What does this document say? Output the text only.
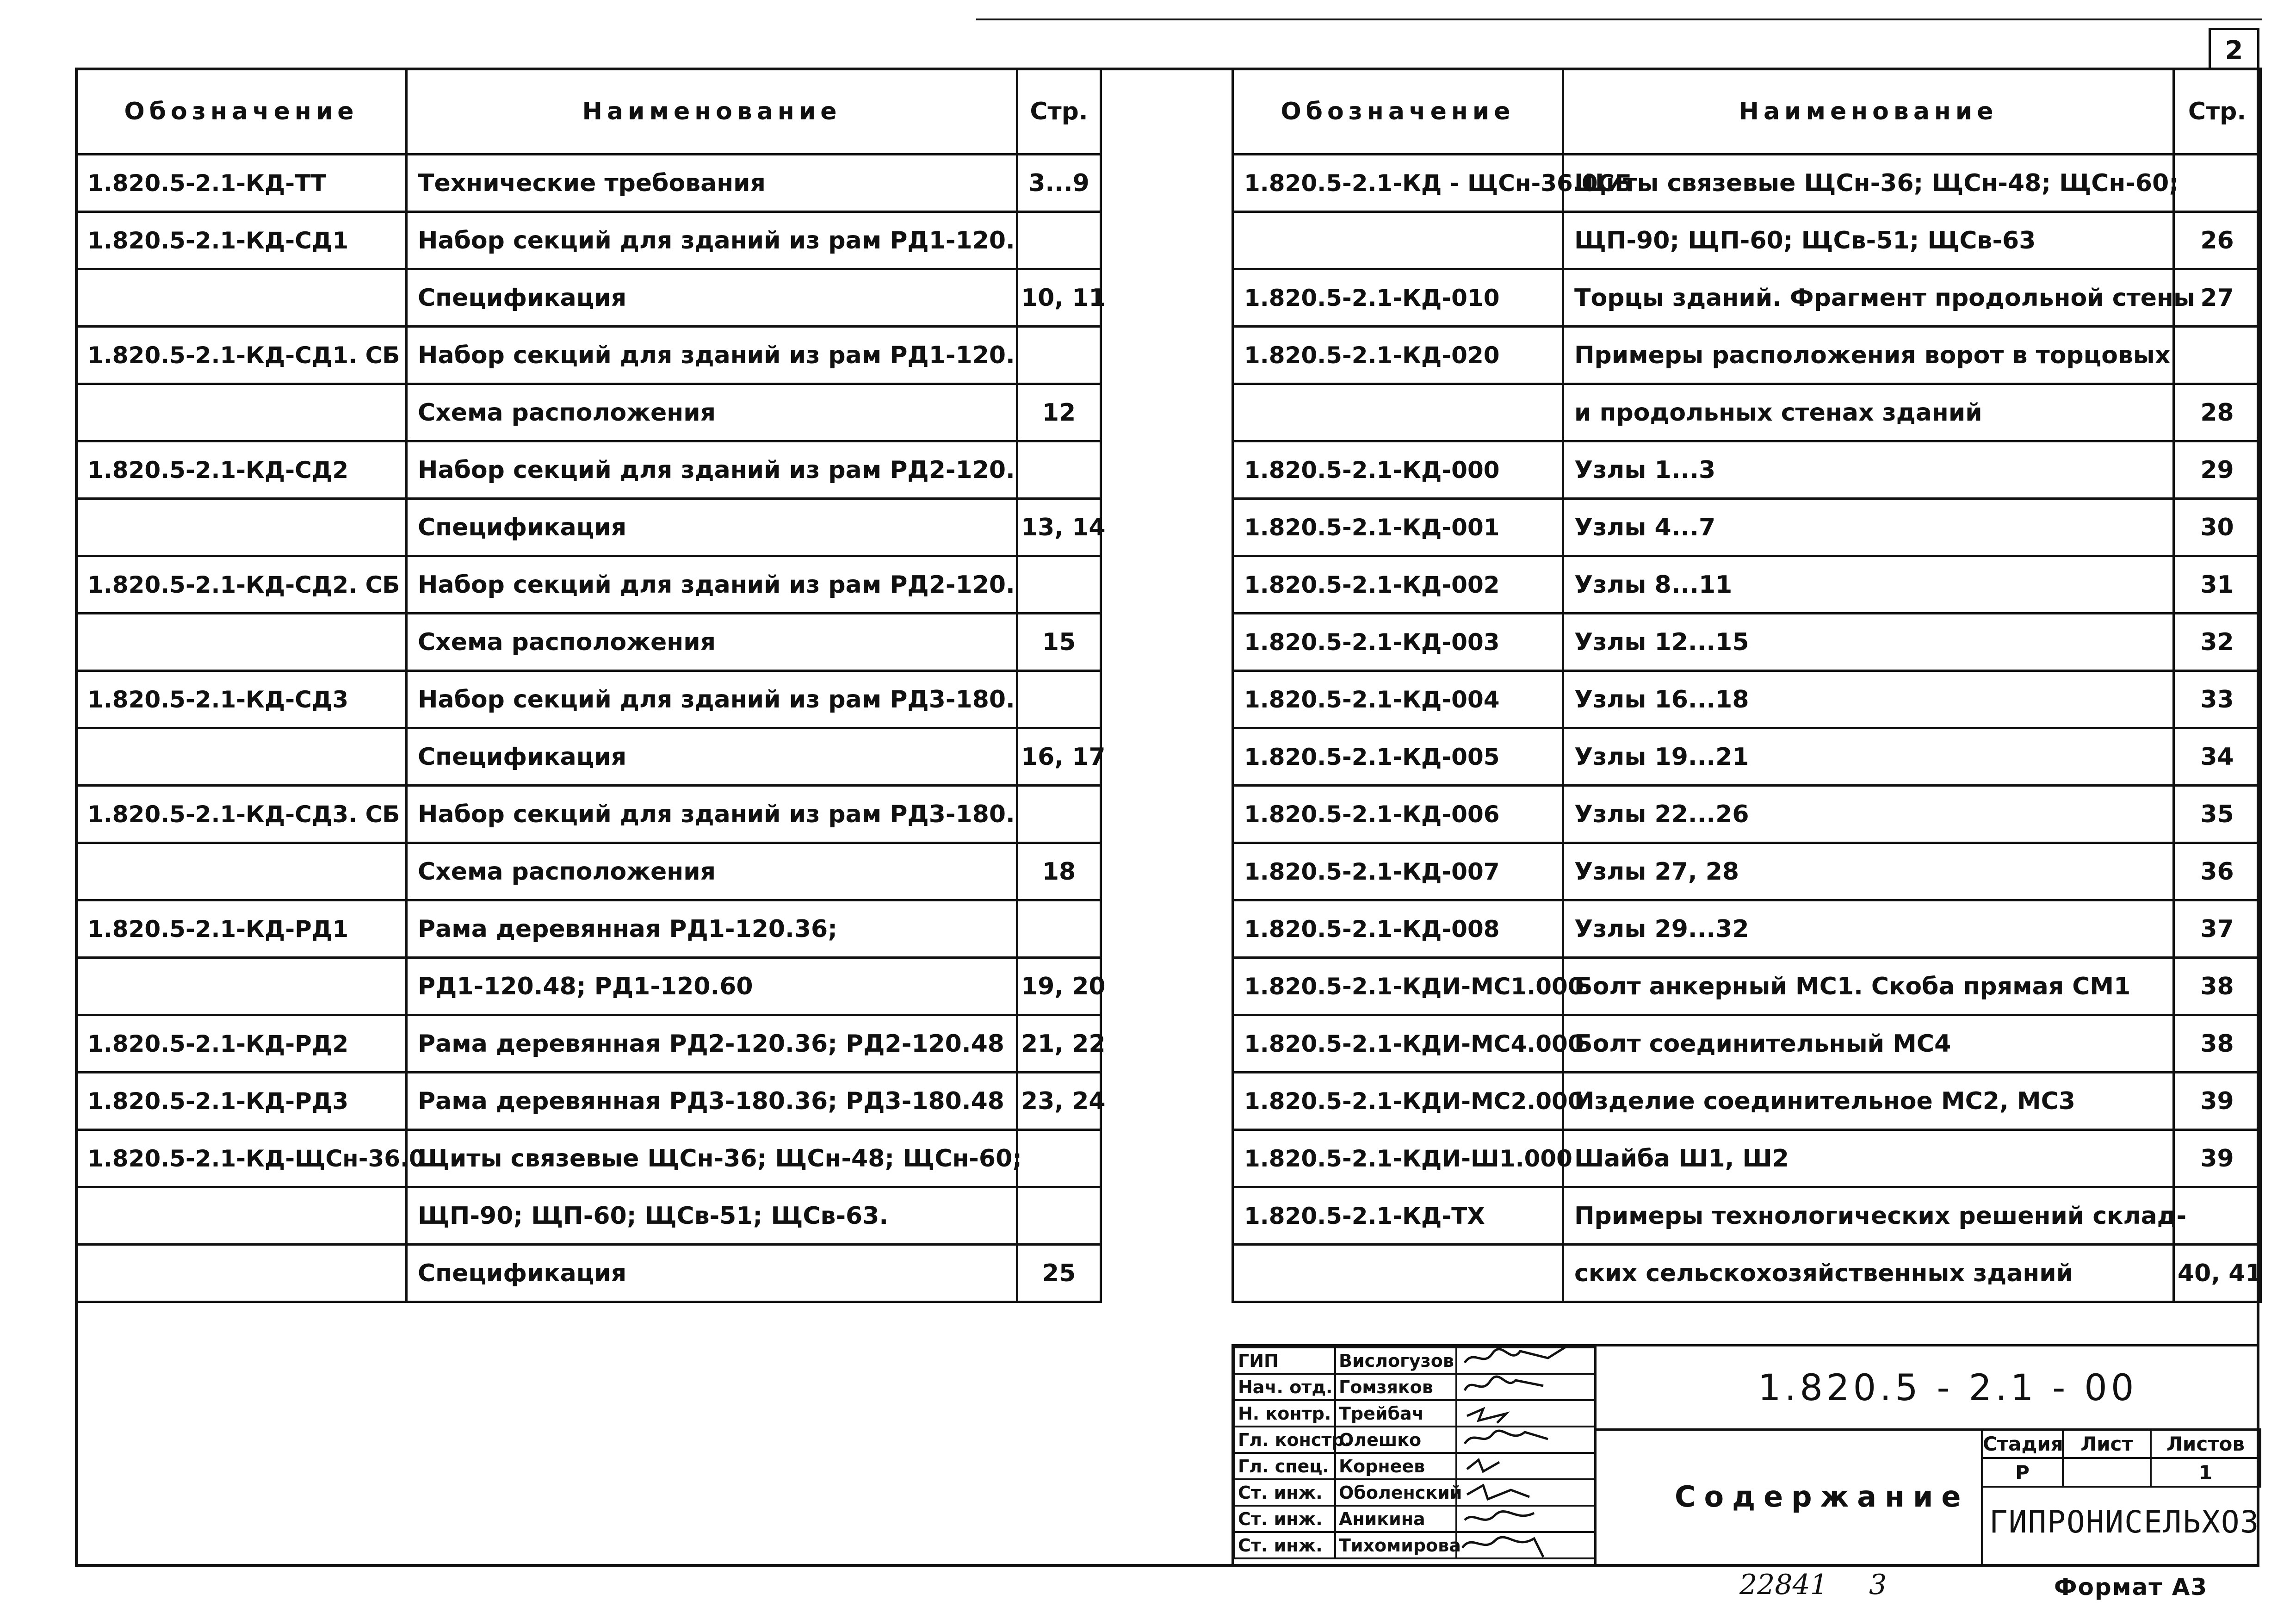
2
Обозначение	Наименование	Стр.
1.820.5-2.1-КД-ТТ	Технические требования	3...9
1.820.5-2.1-КД-СД1	Набор секций для зданий из рам РД1-120.	
	Спецификация	10, 11
1.820.5-2.1-КД-СД1. СБ	Набор секций для зданий из рам РД1-120.	
	Схема расположения	12
1.820.5-2.1-КД-СД2	Набор секций для зданий из рам РД2-120.	
	Спецификация	13, 14
1.820.5-2.1-КД-СД2. СБ	Набор секций для зданий из рам РД2-120.	
	Схема расположения	15
1.820.5-2.1-КД-СД3	Набор секций для зданий из рам РД3-180.	
	Спецификация	16, 17
1.820.5-2.1-КД-СД3. СБ	Набор секций для зданий из рам РД3-180.	
	Схема расположения	18
1.820.5-2.1-КД-РД1	Рама деревянная РД1-120.36;	
	РД1-120.48; РД1-120.60	19, 20
1.820.5-2.1-КД-РД2	Рама деревянная РД2-120.36; РД2-120.48	21, 22
1.820.5-2.1-КД-РД3	Рама деревянная РД3-180.36; РД3-180.48	23, 24
1.820.5-2.1-КД-ЩСн-36.0	Щиты связевые ЩСн-36; ЩСн-48; ЩСн-60;	
	ЩП-90; ЩП-60; ЩСв-51; ЩСв-63.	
	Спецификация	25
Обозначение	Наименование	Стр.
1.820.5-2.1-КД - ЩСн-36.0СБ	Щиты связевые ЩСн-36; ЩСн-48; ЩСн-60;	
	ЩП-90; ЩП-60; ЩСв-51; ЩСв-63	26
1.820.5-2.1-КД-010	Торцы зданий. Фрагмент продольной стены	27
1.820.5-2.1-КД-020	Примеры расположения ворот в торцовых	
	и продольных стенах зданий	28
1.820.5-2.1-КД-000	Узлы 1...3	29
1.820.5-2.1-КД-001	Узлы 4...7	30
1.820.5-2.1-КД-002	Узлы 8...11	31
1.820.5-2.1-КД-003	Узлы 12...15	32
1.820.5-2.1-КД-004	Узлы 16...18	33
1.820.5-2.1-КД-005	Узлы 19...21	34
1.820.5-2.1-КД-006	Узлы 22...26	35
1.820.5-2.1-КД-007	Узлы 27, 28	36
1.820.5-2.1-КД-008	Узлы 29...32	37
1.820.5-2.1-КДИ-МС1.000	Болт анкерный МС1. Скоба прямая СМ1	38
1.820.5-2.1-КДИ-МС4.000	Болт соединительный МС4	38
1.820.5-2.1-КДИ-МС2.000	Изделие соединительное МС2, МС3	39
1.820.5-2.1-КДИ-Ш1.000	Шайба Ш1, Ш2	39
1.820.5-2.1-КД-ТХ	Примеры технологических решений склад-	
	ских сельскохозяйственных зданий	40, 41
ГИП	Вислогузов	
Нач. отд.	Гомзяков	
Н. контр.	Трейбач	
Гл. констр.	Олешко	
Гл. спец.	Корнеев	
Ст. инж.	Оболенский	
Ст. инж.	Аникина	
Ст. инж.	Тихомирова	
1.820.5 - 2.1 - 00
Содержание
Стадия	Лист	Листов
Р		1
ГИПРОНИСЕЛЬХОЗ
22841	3	Формат А3
